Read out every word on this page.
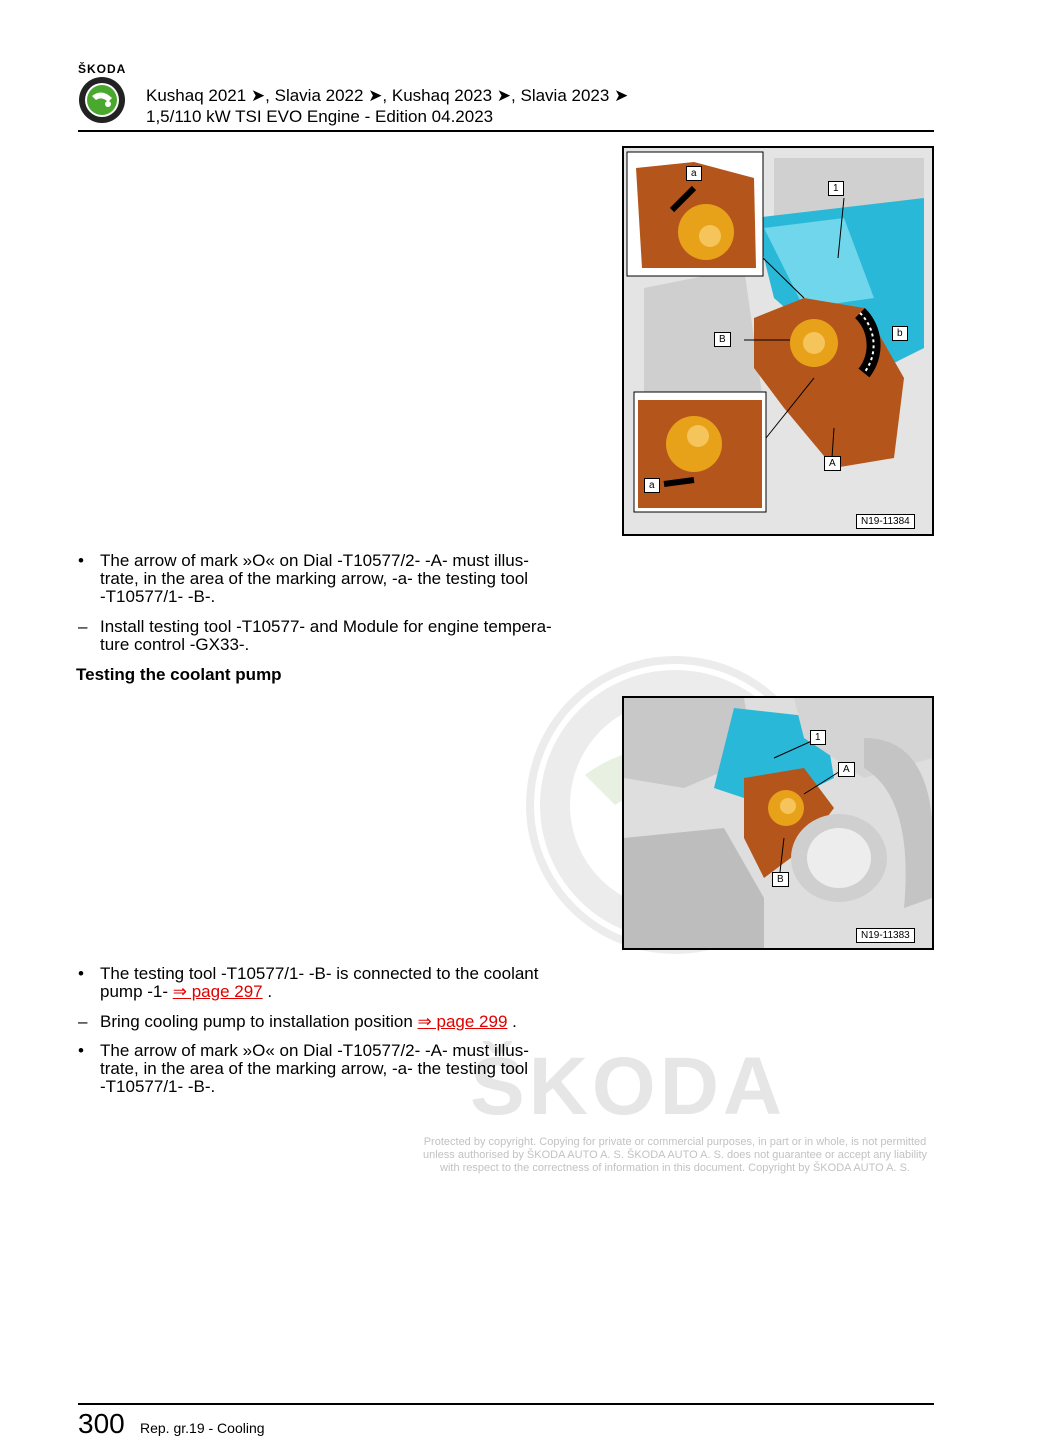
ŠKODA
Kushaq 2021 ➤, Slavia 2022 ➤, Kushaq 2023 ➤, Slavia 2023 ➤
1,5/110 kW TSI EVO Engine - Edition 04.2023
ŠKODA
a
1
B
b
A
a
N19-11384
• The arrow of mark »O« on Dial -T10577/2- -A- must illus-
trate, in the area of the marking arrow, -a- the testing tool
-T10577/1- -B-.
– Install testing tool -T10577- and Module for engine tempera-
ture control -GX33-.
Testing the coolant pump
1
A
B
N19-11383
• The testing tool -T10577/1- -B- is connected to the coolant
pump -1- ⇒ page 297 .
– Bring cooling pump to installation position ⇒ page 299 .
• The arrow of mark »O« on Dial -T10577/2- -A- must illus-
trate, in the area of the marking arrow, -a- the testing tool
-T10577/1- -B-.
Protected by copyright. Copying for private or commercial purposes, in part or in whole, is not permitted
unless authorised by ŠKODA AUTO A. S. ŠKODA AUTO A. S. does not guarantee or accept any liability
with respect to the correctness of information in this document. Copyright by ŠKODA AUTO A. S.
300 Rep. gr.19 - Cooling
